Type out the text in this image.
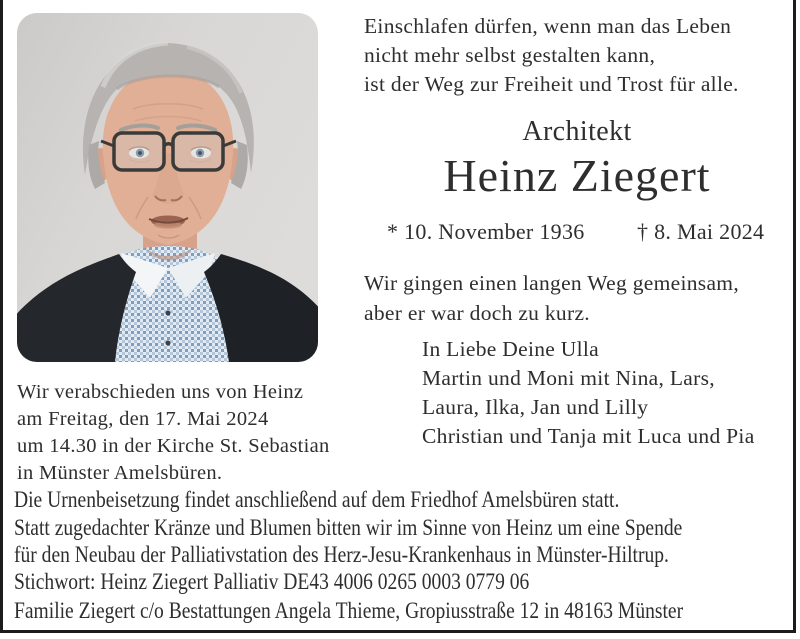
Einschlafen dürfen, wenn man das Leben
nicht mehr selbst gestalten kann,
ist der Weg zur Freiheit und Trost für alle.
Architekt
Heinz Ziegert
* 10. November 1936 † 8. Mai 2024
Wir gingen einen langen Weg gemeinsam,
aber er war doch zu kurz.
In Liebe Deine Ulla
Martin und Moni mit Nina, Lars,
Laura, Ilka, Jan und Lilly
Christian und Tanja mit Luca und Pia
Wir verabschieden uns von Heinz
am Freitag, den 17. Mai 2024
um 14.30 in der Kirche St. Sebastian
in Münster Amelsbüren.
Die Urnenbeisetzung findet anschließend auf dem Friedhof Amelsbüren statt.
Statt zugedachter Kränze und Blumen bitten wir im Sinne von Heinz um eine Spende
für den Neubau der Palliativstation des Herz-Jesu-Krankenhaus in Münster-Hiltrup.
Stichwort: Heinz Ziegert Palliativ DE43 4006 0265 0003 0779 06
Familie Ziegert c/o Bestattungen Angela Thieme, Gropiusstraße 12 in 48163 Münster
